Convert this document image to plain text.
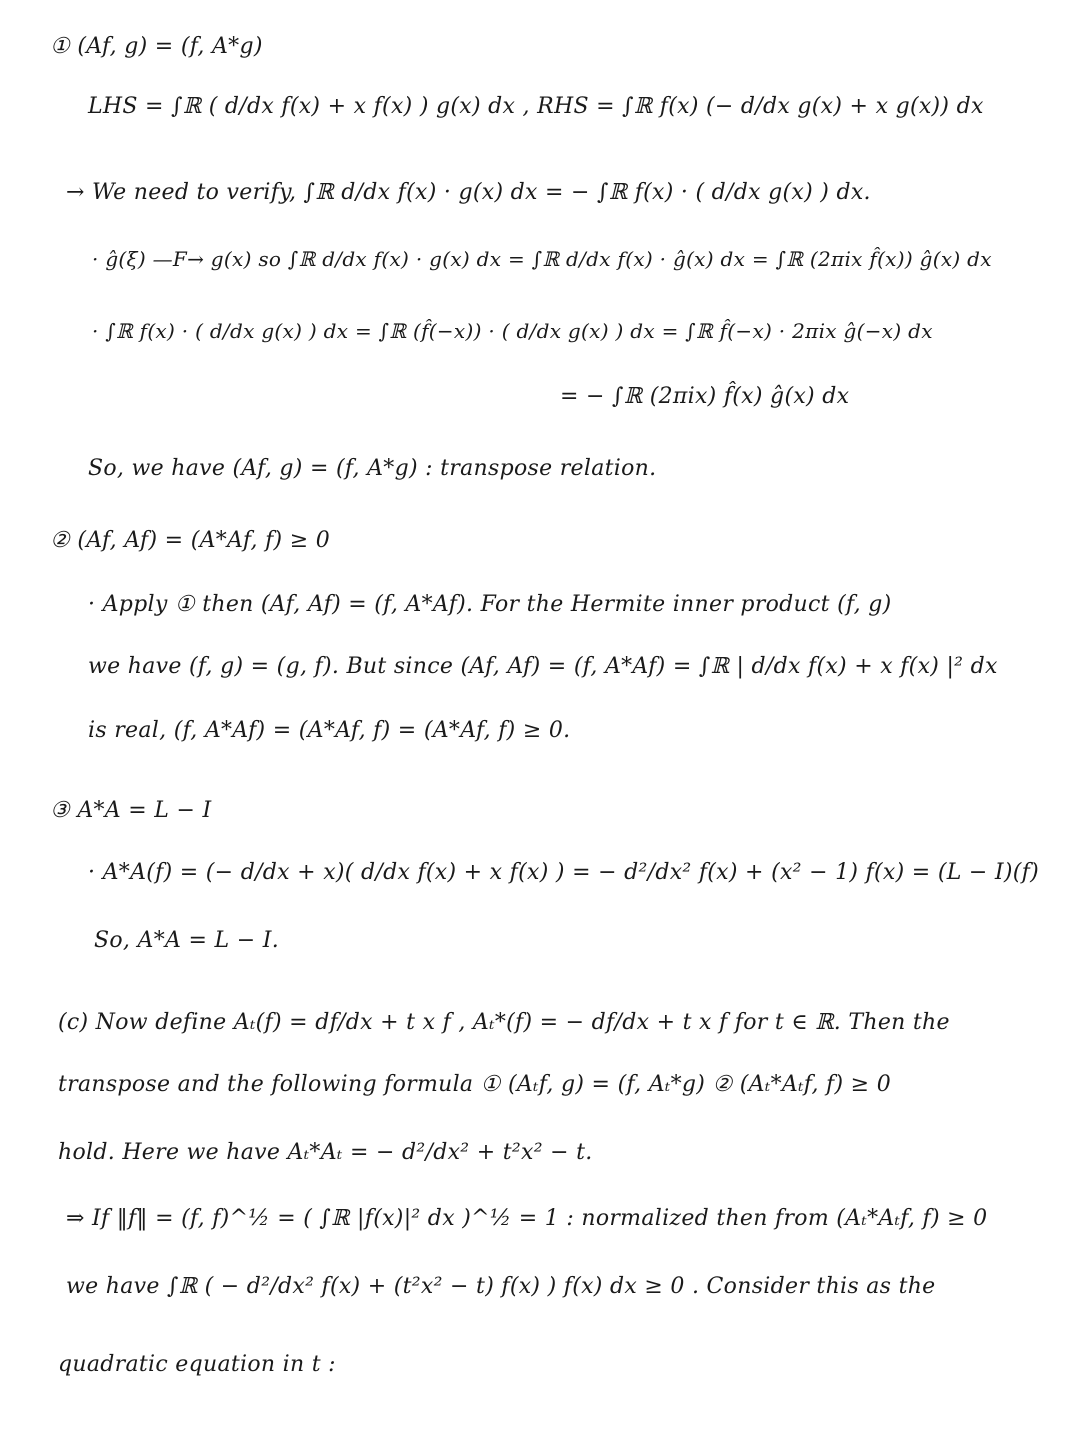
① (Af, g) = (f, A*g)
LHS = ∫ℝ ( d/dx f(x) + x f(x) ) g(x) dx , RHS = ∫ℝ f(x) (− d/dx g(x) + x g(x)) dx
→ We need to verify, ∫ℝ d/dx f(x) · g(x) dx = − ∫ℝ f(x) · ( d/dx g(x) ) dx.
· ĝ(ξ) —F→ g(x) so ∫ℝ d/dx f(x) · g(x) dx = ∫ℝ d/dx f(x) · ĝ(x) dx = ∫ℝ (2πix f̂(x)) ĝ(x) dx
· ∫ℝ f(x) · ( d/dx g(x) ) dx = ∫ℝ (f̂(−x)) · ( d/dx g(x) ) dx = ∫ℝ f̂(−x) · 2πix ĝ(−x) dx
= − ∫ℝ (2πix) f̂(x) ĝ(x) dx
So, we have (Af, g) = (f, A*g) : transpose relation.
② (Af, Af) = (A*Af, f) ≥ 0
· Apply ① then (Af, Af) = (f, A*Af). For the Hermite inner product (f, g)
we have (f, g) = (g, f). But since (Af, Af) = (f, A*Af) = ∫ℝ | d/dx f(x) + x f(x) |² dx
is real, (f, A*Af) = (A*Af, f) = (A*Af, f) ≥ 0.
③ A*A = L − I
· A*A(f) = (− d/dx + x)( d/dx f(x) + x f(x) ) = − d²/dx² f(x) + (x² − 1) f(x) = (L − I)(f)
So, A*A = L − I.
(c) Now define Aₜ(f) = df/dx + t x f , Aₜ*(f) = − df/dx + t x f for t ∈ ℝ. Then the
transpose and the following formula ① (Aₜf, g) = (f, Aₜ*g) ② (Aₜ*Aₜf, f) ≥ 0
hold. Here we have Aₜ*Aₜ = − d²/dx² + t²x² − t.
⇒ If ‖f‖ = (f, f)^½ = ( ∫ℝ |f(x)|² dx )^½ = 1 : normalized then from (Aₜ*Aₜf, f) ≥ 0
we have ∫ℝ ( − d²/dx² f(x) + (t²x² − t) f(x) ) f(x) dx ≥ 0 . Consider this as the
quadratic equation in t :
